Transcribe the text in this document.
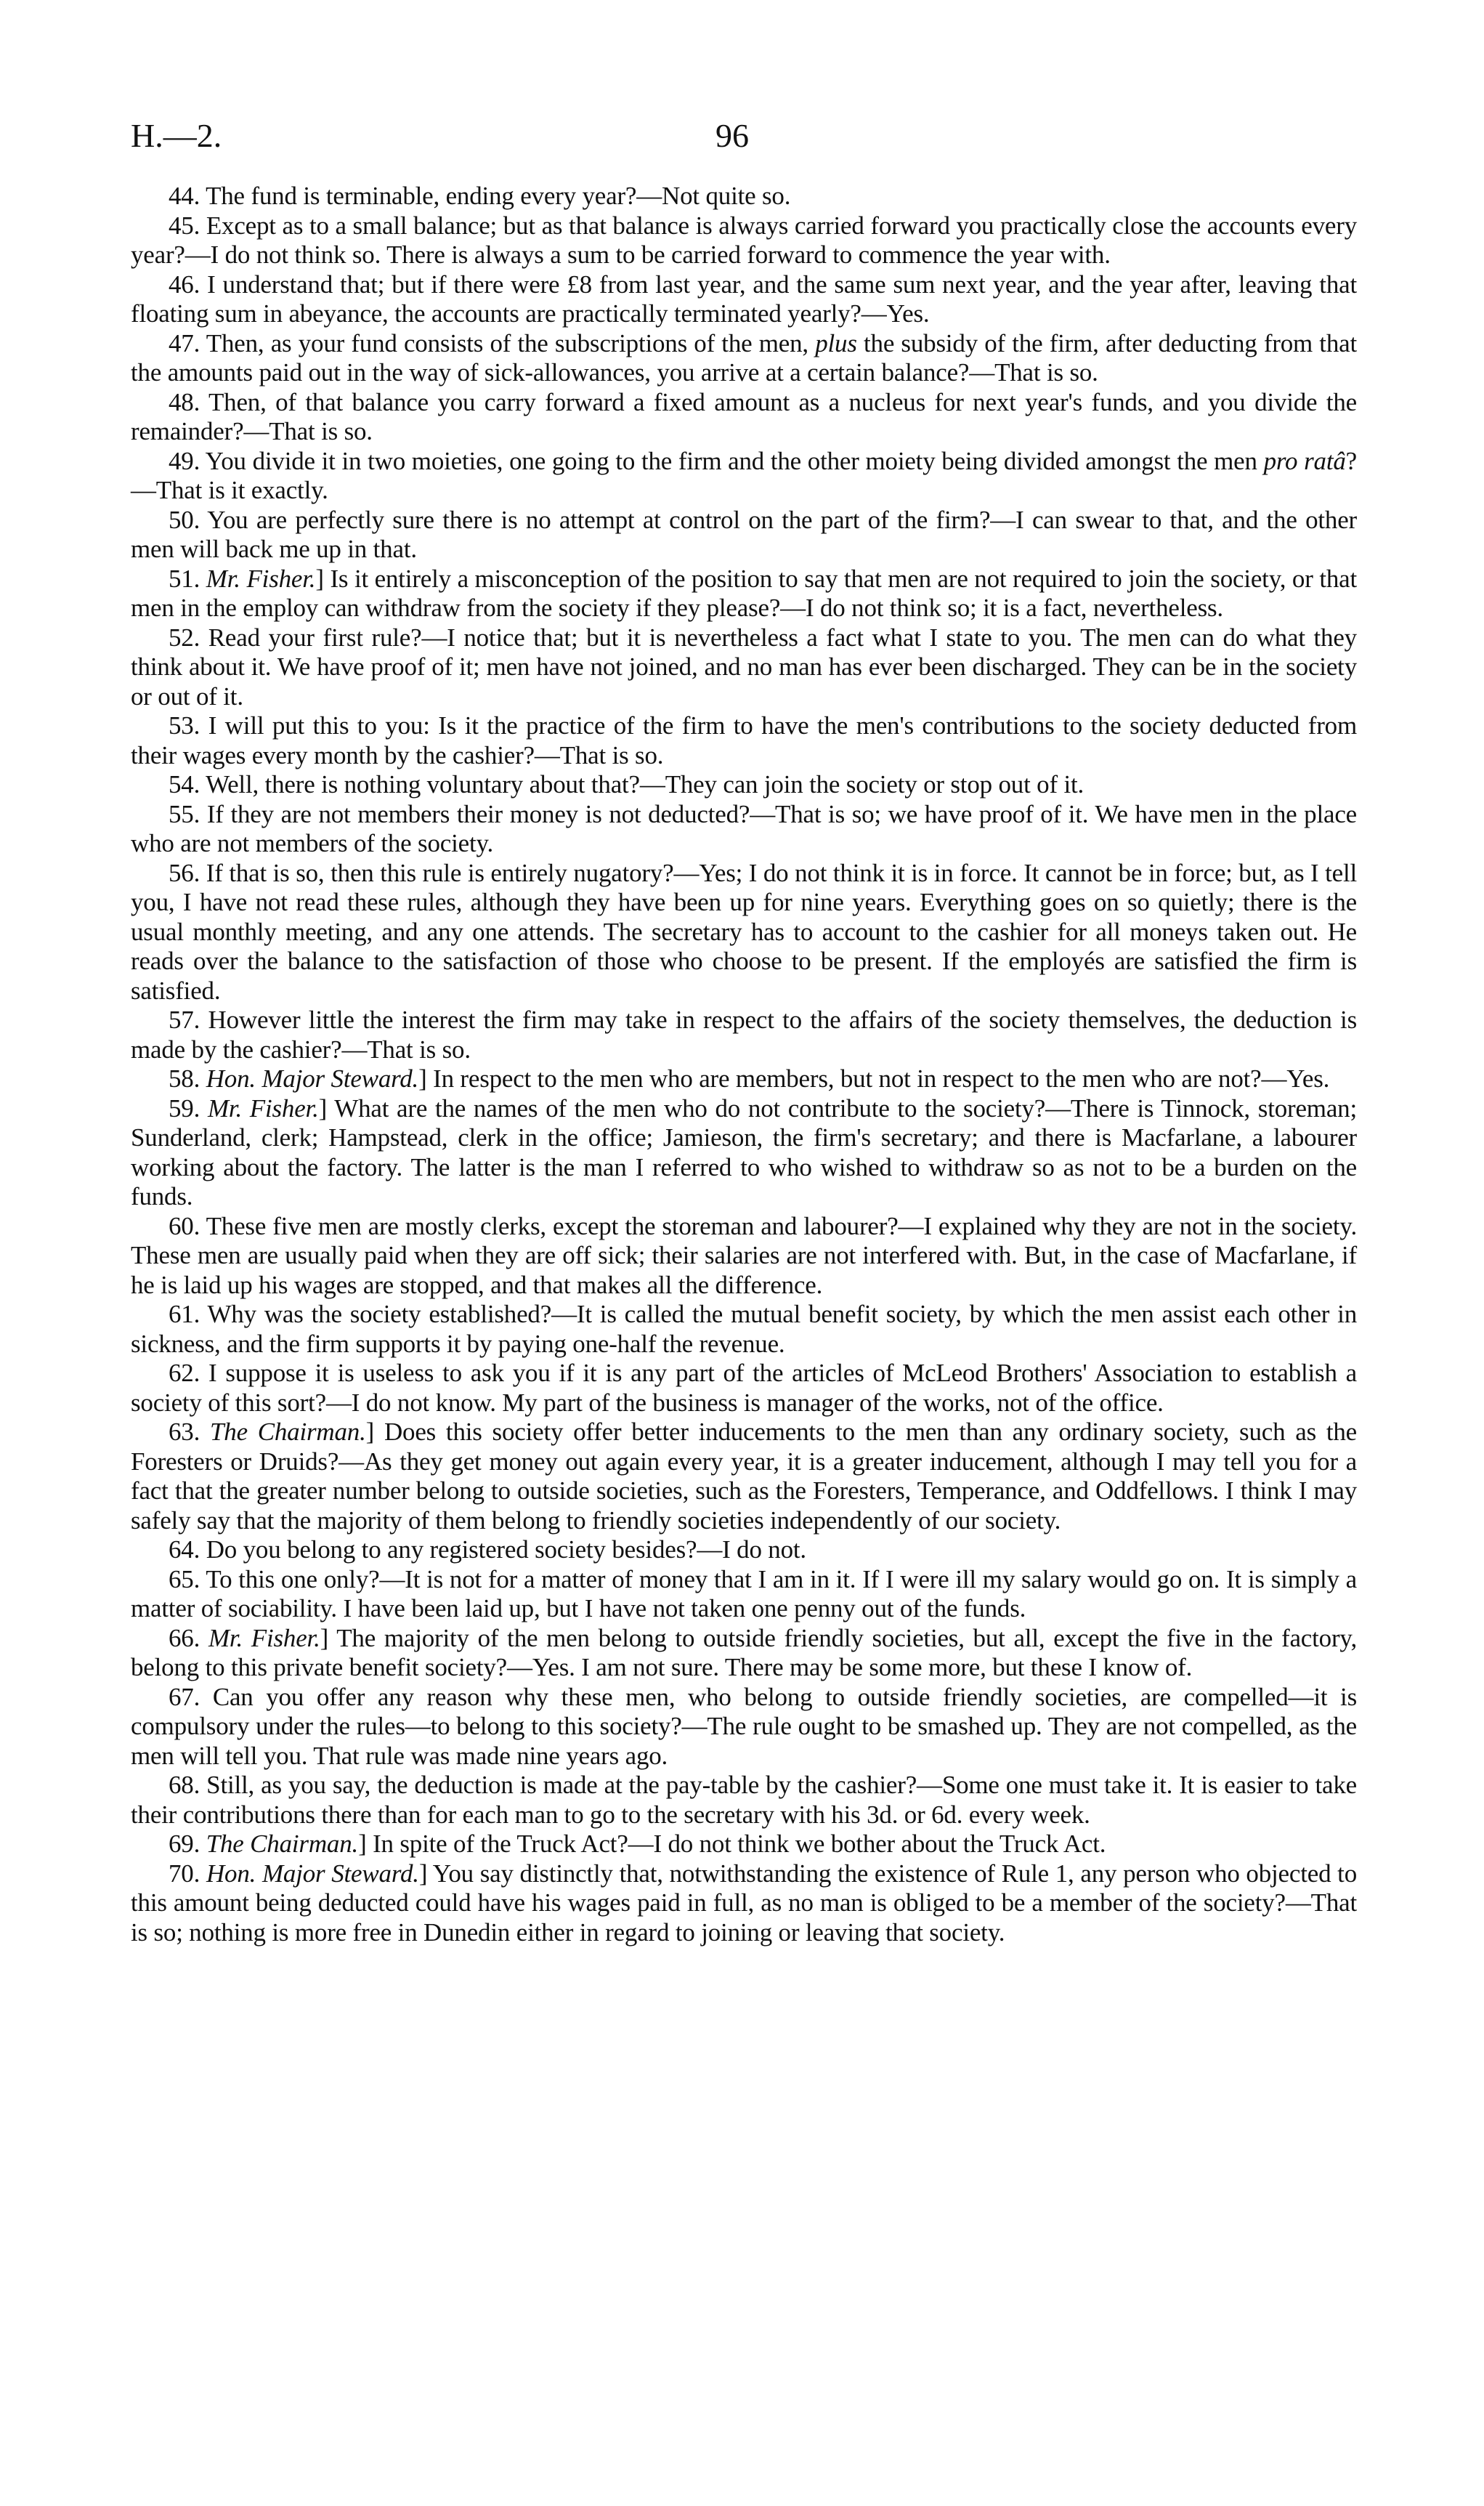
H.—2.	96

44. The fund is terminable, ending every year?—Not quite so.

45. Except as to a small balance; but as that balance is always carried forward you practically close the accounts every year?—I do not think so. There is always a sum to be carried forward to commence the year with.

46. I understand that; but if there were £8 from last year, and the same sum next year, and the year after, leaving that floating sum in abeyance, the accounts are practically terminated yearly?—Yes.

47. Then, as your fund consists of the subscriptions of the men, plus the subsidy of the firm, after deducting from that the amounts paid out in the way of sick-allowances, you arrive at a certain balance?—That is so.

48. Then, of that balance you carry forward a fixed amount as a nucleus for next year's funds, and you divide the remainder?—That is so.

49. You divide it in two moieties, one going to the firm and the other moiety being divided amongst the men pro ratâ?—That is it exactly.

50. You are perfectly sure there is no attempt at control on the part of the firm?—I can swear to that, and the other men will back me up in that.

51. Mr. Fisher.] Is it entirely a misconception of the position to say that men are not required to join the society, or that men in the employ can withdraw from the society if they please?—I do not think so; it is a fact, nevertheless.

52. Read your first rule?—I notice that; but it is nevertheless a fact what I state to you. The men can do what they think about it. We have proof of it; men have not joined, and no man has ever been discharged. They can be in the society or out of it.

53. I will put this to you: Is it the practice of the firm to have the men's contributions to the society deducted from their wages every month by the cashier?—That is so.

54. Well, there is nothing voluntary about that?—They can join the society or stop out of it.

55. If they are not members their money is not deducted?—That is so; we have proof of it. We have men in the place who are not members of the society.

56. If that is so, then this rule is entirely nugatory?—Yes; I do not think it is in force. It cannot be in force; but, as I tell you, I have not read these rules, although they have been up for nine years. Everything goes on so quietly; there is the usual monthly meeting, and any one attends. The secretary has to account to the cashier for all moneys taken out. He reads over the balance to the satisfaction of those who choose to be present. If the employés are satisfied the firm is satisfied.

57. However little the interest the firm may take in respect to the affairs of the society themselves, the deduction is made by the cashier?—That is so.

58. Hon. Major Steward.] In respect to the men who are members, but not in respect to the men who are not?—Yes.

59. Mr. Fisher.] What are the names of the men who do not contribute to the society?—There is Tinnock, storeman; Sunderland, clerk; Hampstead, clerk in the office; Jamieson, the firm's secretary; and there is Macfarlane, a labourer working about the factory. The latter is the man I referred to who wished to withdraw so as not to be a burden on the funds.

60. These five men are mostly clerks, except the storeman and labourer?—I explained why they are not in the society. These men are usually paid when they are off sick; their salaries are not interfered with. But, in the case of Macfarlane, if he is laid up his wages are stopped, and that makes all the difference.

61. Why was the society established?—It is called the mutual benefit society, by which the men assist each other in sickness, and the firm supports it by paying one-half the revenue.

62. I suppose it is useless to ask you if it is any part of the articles of McLeod Brothers' Association to establish a society of this sort?—I do not know. My part of the business is manager of the works, not of the office.

63. The Chairman.] Does this society offer better inducements to the men than any ordinary society, such as the Foresters or Druids?—As they get money out again every year, it is a greater inducement, although I may tell you for a fact that the greater number belong to outside societies, such as the Foresters, Temperance, and Oddfellows. I think I may safely say that the majority of them belong to friendly societies independently of our society.

64. Do you belong to any registered society besides?—I do not.

65. To this one only?—It is not for a matter of money that I am in it. If I were ill my salary would go on. It is simply a matter of sociability. I have been laid up, but I have not taken one penny out of the funds.

66. Mr. Fisher.] The majority of the men belong to outside friendly societies, but all, except the five in the factory, belong to this private benefit society?—Yes. I am not sure. There may be some more, but these I know of.

67. Can you offer any reason why these men, who belong to outside friendly societies, are compelled—it is compulsory under the rules—to belong to this society?—The rule ought to be smashed up. They are not compelled, as the men will tell you. That rule was made nine years ago.

68. Still, as you say, the deduction is made at the pay-table by the cashier?—Some one must take it. It is easier to take their contributions there than for each man to go to the secretary with his 3d. or 6d. every week.

69. The Chairman.] In spite of the Truck Act?—I do not think we bother about the Truck Act.

70. Hon. Major Steward.] You say distinctly that, notwithstanding the existence of Rule 1, any person who objected to this amount being deducted could have his wages paid in full, as no man is obliged to be a member of the society?—That is so; nothing is more free in Dunedin either in regard to joining or leaving that society.
